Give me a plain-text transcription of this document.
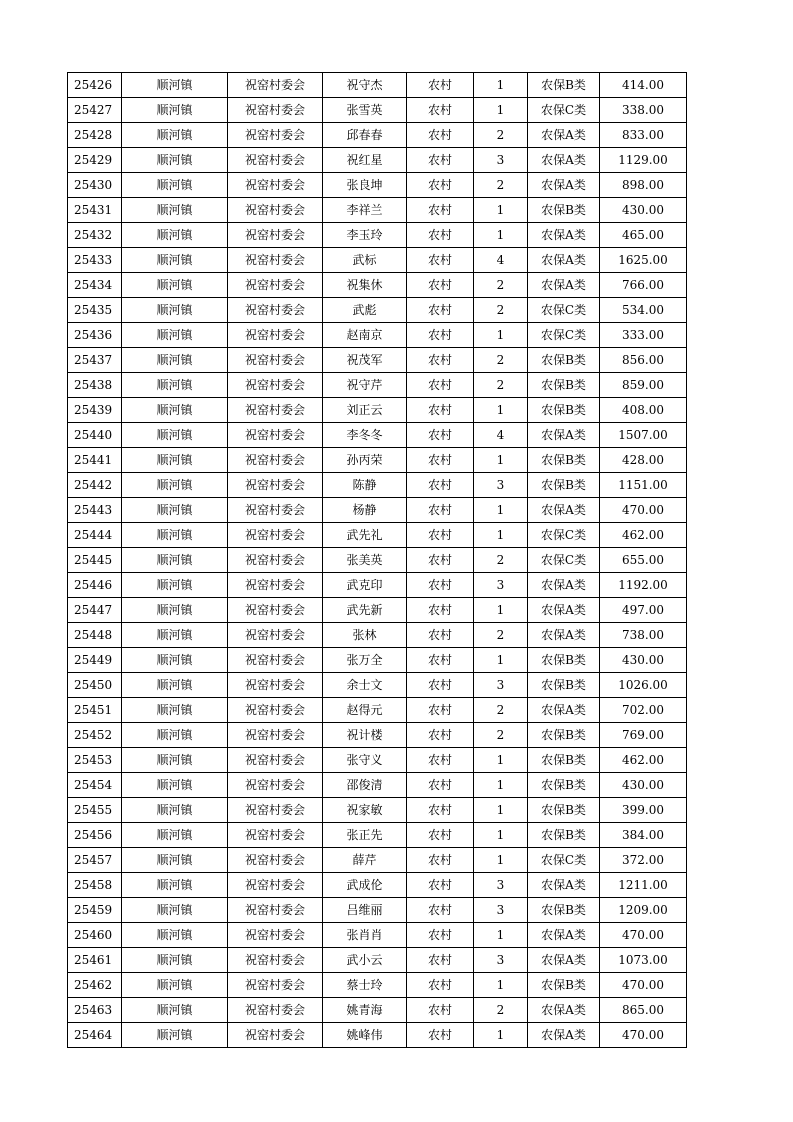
25426	顺河镇	祝窑村委会	祝守杰	农村	1	农保B类	414.00
25427	顺河镇	祝窑村委会	张雪英	农村	1	农保C类	338.00
25428	顺河镇	祝窑村委会	邱春春	农村	2	农保A类	833.00
25429	顺河镇	祝窑村委会	祝红星	农村	3	农保A类	1129.00
25430	顺河镇	祝窑村委会	张良坤	农村	2	农保A类	898.00
25431	顺河镇	祝窑村委会	李祥兰	农村	1	农保B类	430.00
25432	顺河镇	祝窑村委会	李玉玲	农村	1	农保A类	465.00
25433	顺河镇	祝窑村委会	武标	农村	4	农保A类	1625.00
25434	顺河镇	祝窑村委会	祝集休	农村	2	农保A类	766.00
25435	顺河镇	祝窑村委会	武彪	农村	2	农保C类	534.00
25436	顺河镇	祝窑村委会	赵南京	农村	1	农保C类	333.00
25437	顺河镇	祝窑村委会	祝茂军	农村	2	农保B类	856.00
25438	顺河镇	祝窑村委会	祝守芹	农村	2	农保B类	859.00
25439	顺河镇	祝窑村委会	刘正云	农村	1	农保B类	408.00
25440	顺河镇	祝窑村委会	李冬冬	农村	4	农保A类	1507.00
25441	顺河镇	祝窑村委会	孙丙荣	农村	1	农保B类	428.00
25442	顺河镇	祝窑村委会	陈静	农村	3	农保B类	1151.00
25443	顺河镇	祝窑村委会	杨静	农村	1	农保A类	470.00
25444	顺河镇	祝窑村委会	武先礼	农村	1	农保C类	462.00
25445	顺河镇	祝窑村委会	张美英	农村	2	农保C类	655.00
25446	顺河镇	祝窑村委会	武克印	农村	3	农保A类	1192.00
25447	顺河镇	祝窑村委会	武先新	农村	1	农保A类	497.00
25448	顺河镇	祝窑村委会	张林	农村	2	农保A类	738.00
25449	顺河镇	祝窑村委会	张万全	农村	1	农保B类	430.00
25450	顺河镇	祝窑村委会	余士文	农村	3	农保B类	1026.00
25451	顺河镇	祝窑村委会	赵得元	农村	2	农保A类	702.00
25452	顺河镇	祝窑村委会	祝计楼	农村	2	农保B类	769.00
25453	顺河镇	祝窑村委会	张守义	农村	1	农保B类	462.00
25454	顺河镇	祝窑村委会	邵俊清	农村	1	农保B类	430.00
25455	顺河镇	祝窑村委会	祝家敏	农村	1	农保B类	399.00
25456	顺河镇	祝窑村委会	张正先	农村	1	农保B类	384.00
25457	顺河镇	祝窑村委会	薛芹	农村	1	农保C类	372.00
25458	顺河镇	祝窑村委会	武成伦	农村	3	农保A类	1211.00
25459	顺河镇	祝窑村委会	吕维丽	农村	3	农保B类	1209.00
25460	顺河镇	祝窑村委会	张肖肖	农村	1	农保A类	470.00
25461	顺河镇	祝窑村委会	武小云	农村	3	农保A类	1073.00
25462	顺河镇	祝窑村委会	蔡士玲	农村	1	农保B类	470.00
25463	顺河镇	祝窑村委会	姚青海	农村	2	农保A类	865.00
25464	顺河镇	祝窑村委会	姚峰伟	农村	1	农保A类	470.00
